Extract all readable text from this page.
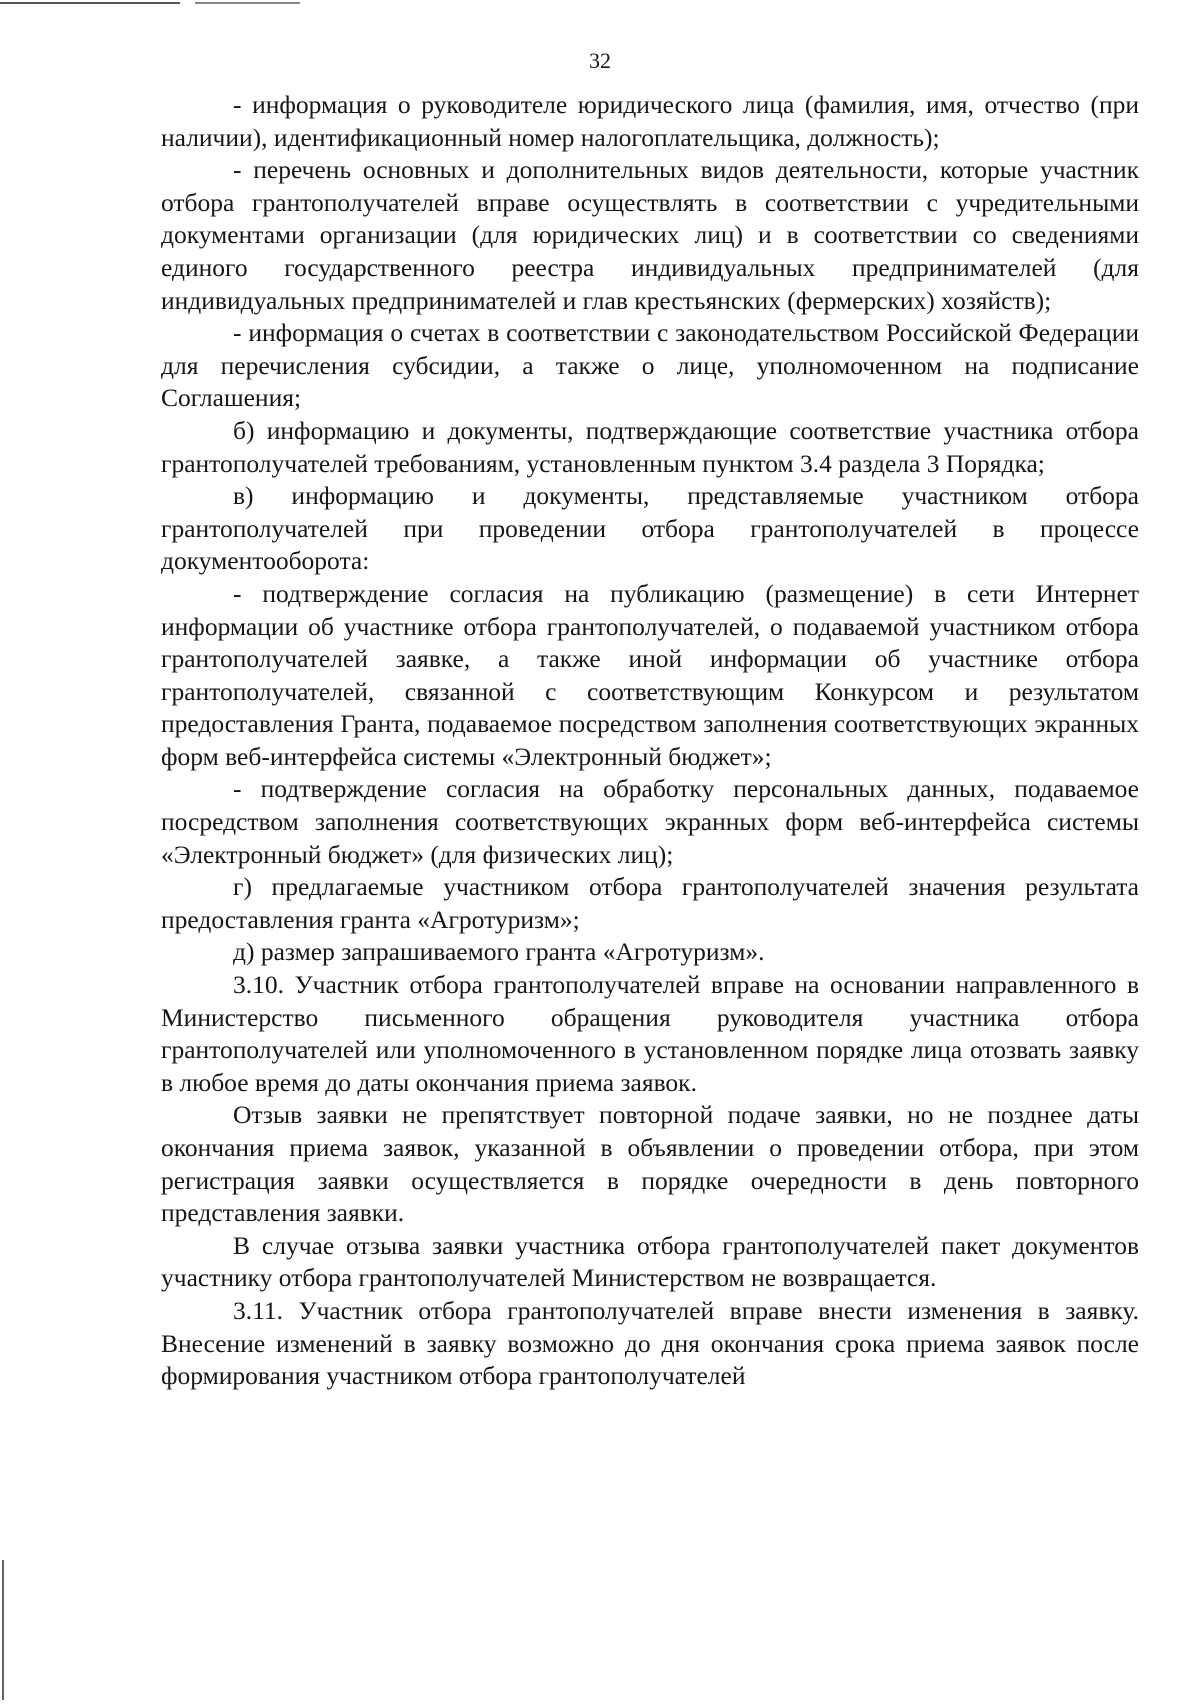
32

- информация о руководителе юридического лица (фамилия, имя, отчество (при наличии), идентификационный номер налогоплательщика, должность);

- перечень основных и дополнительных видов деятельности, которые участник отбора грантополучателей вправе осуществлять в соответствии с учредительными документами организации (для юридических лиц) и в соответствии со сведениями единого государственного реестра индивидуальных предпринимателей (для индивидуальных предпринимателей и глав крестьянских (фермерских) хозяйств);

- информация о счетах в соответствии с законодательством Российской Федерации для перечисления субсидии, а также о лице, уполномоченном на подписание Соглашения;

б) информацию и документы, подтверждающие соответствие участника отбора грантополучателей требованиям, установленным пунктом 3.4 раздела 3 Порядка;

в) информацию и документы, представляемые участником отбора грантополучателей при проведении отбора грантополучателей в процессе документооборота:

- подтверждение согласия на публикацию (размещение) в сети Интернет информации об участнике отбора грантополучателей, о подаваемой участником отбора грантополучателей заявке, а также иной информации об участнике отбора грантополучателей, связанной с соответствующим Конкурсом и результатом предоставления Гранта, подаваемое посредством заполнения соответствующих экранных форм веб-интерфейса системы «Электронный бюджет»;

- подтверждение согласия на обработку персональных данных, подаваемое посредством заполнения соответствующих экранных форм веб-интерфейса системы «Электронный бюджет» (для физических лиц);

г) предлагаемые участником отбора грантополучателей значения результата предоставления гранта «Агротуризм»;

д) размер запрашиваемого гранта «Агротуризм».

3.10. Участник отбора грантополучателей вправе на основании направленного в Министерство письменного обращения руководителя участника отбора грантополучателей или уполномоченного в установленном порядке лица отозвать заявку в любое время до даты окончания приема заявок.

Отзыв заявки не препятствует повторной подаче заявки, но не позднее даты окончания приема заявок, указанной в объявлении о проведении отбора, при этом регистрация заявки осуществляется в порядке очередности в день повторного представления заявки.

В случае отзыва заявки участника отбора грантополучателей пакет документов участнику отбора грантополучателей Министерством не возвращается.

3.11. Участник отбора грантополучателей вправе внести изменения в заявку. Внесение изменений в заявку возможно до дня окончания срока приема заявок после формирования участником отбора грантополучателей
